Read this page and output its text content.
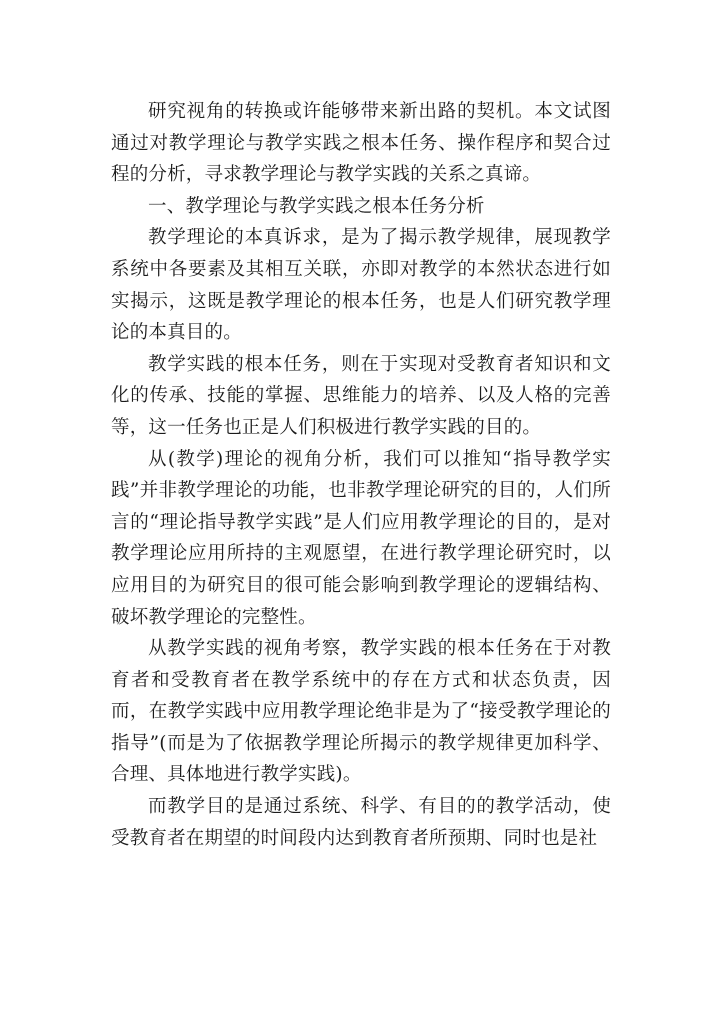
研究视角的转换或许能够带来新出路的契机。本文试图通过对教学理论与教学实践之根本任务、操作程序和契合过程的分析，寻求教学理论与教学实践的关系之真谛。

一、教学理论与教学实践之根本任务分析

教学理论的本真诉求，是为了揭示教学规律，展现教学系统中各要素及其相互关联，亦即对教学的本然状态进行如实揭示，这既是教学理论的根本任务，也是人们研究教学理论的本真目的。

教学实践的根本任务，则在于实现对受教育者知识和文化的传承、技能的掌握、思维能力的培养、以及人格的完善等，这一任务也正是人们积极进行教学实践的目的。

从(教学)理论的视角分析，我们可以推知“指导教学实践”并非教学理论的功能，也非教学理论研究的目的，人们所言的“理论指导教学实践”是人们应用教学理论的目的，是对教学理论应用所持的主观愿望，在进行教学理论研究时，以应用目的为研究目的很可能会影响到教学理论的逻辑结构、破坏教学理论的完整性。

从教学实践的视角考察，教学实践的根本任务在于对教育者和受教育者在教学系统中的存在方式和状态负责，因而，在教学实践中应用教学理论绝非是为了“接受教学理论的指导”(而是为了依据教学理论所揭示的教学规律更加科学、合理、具体地进行教学实践)。

而教学目的是通过系统、科学、有目的的教学活动，使受教育者在期望的时间段内达到教育者所预期、同时也是社
